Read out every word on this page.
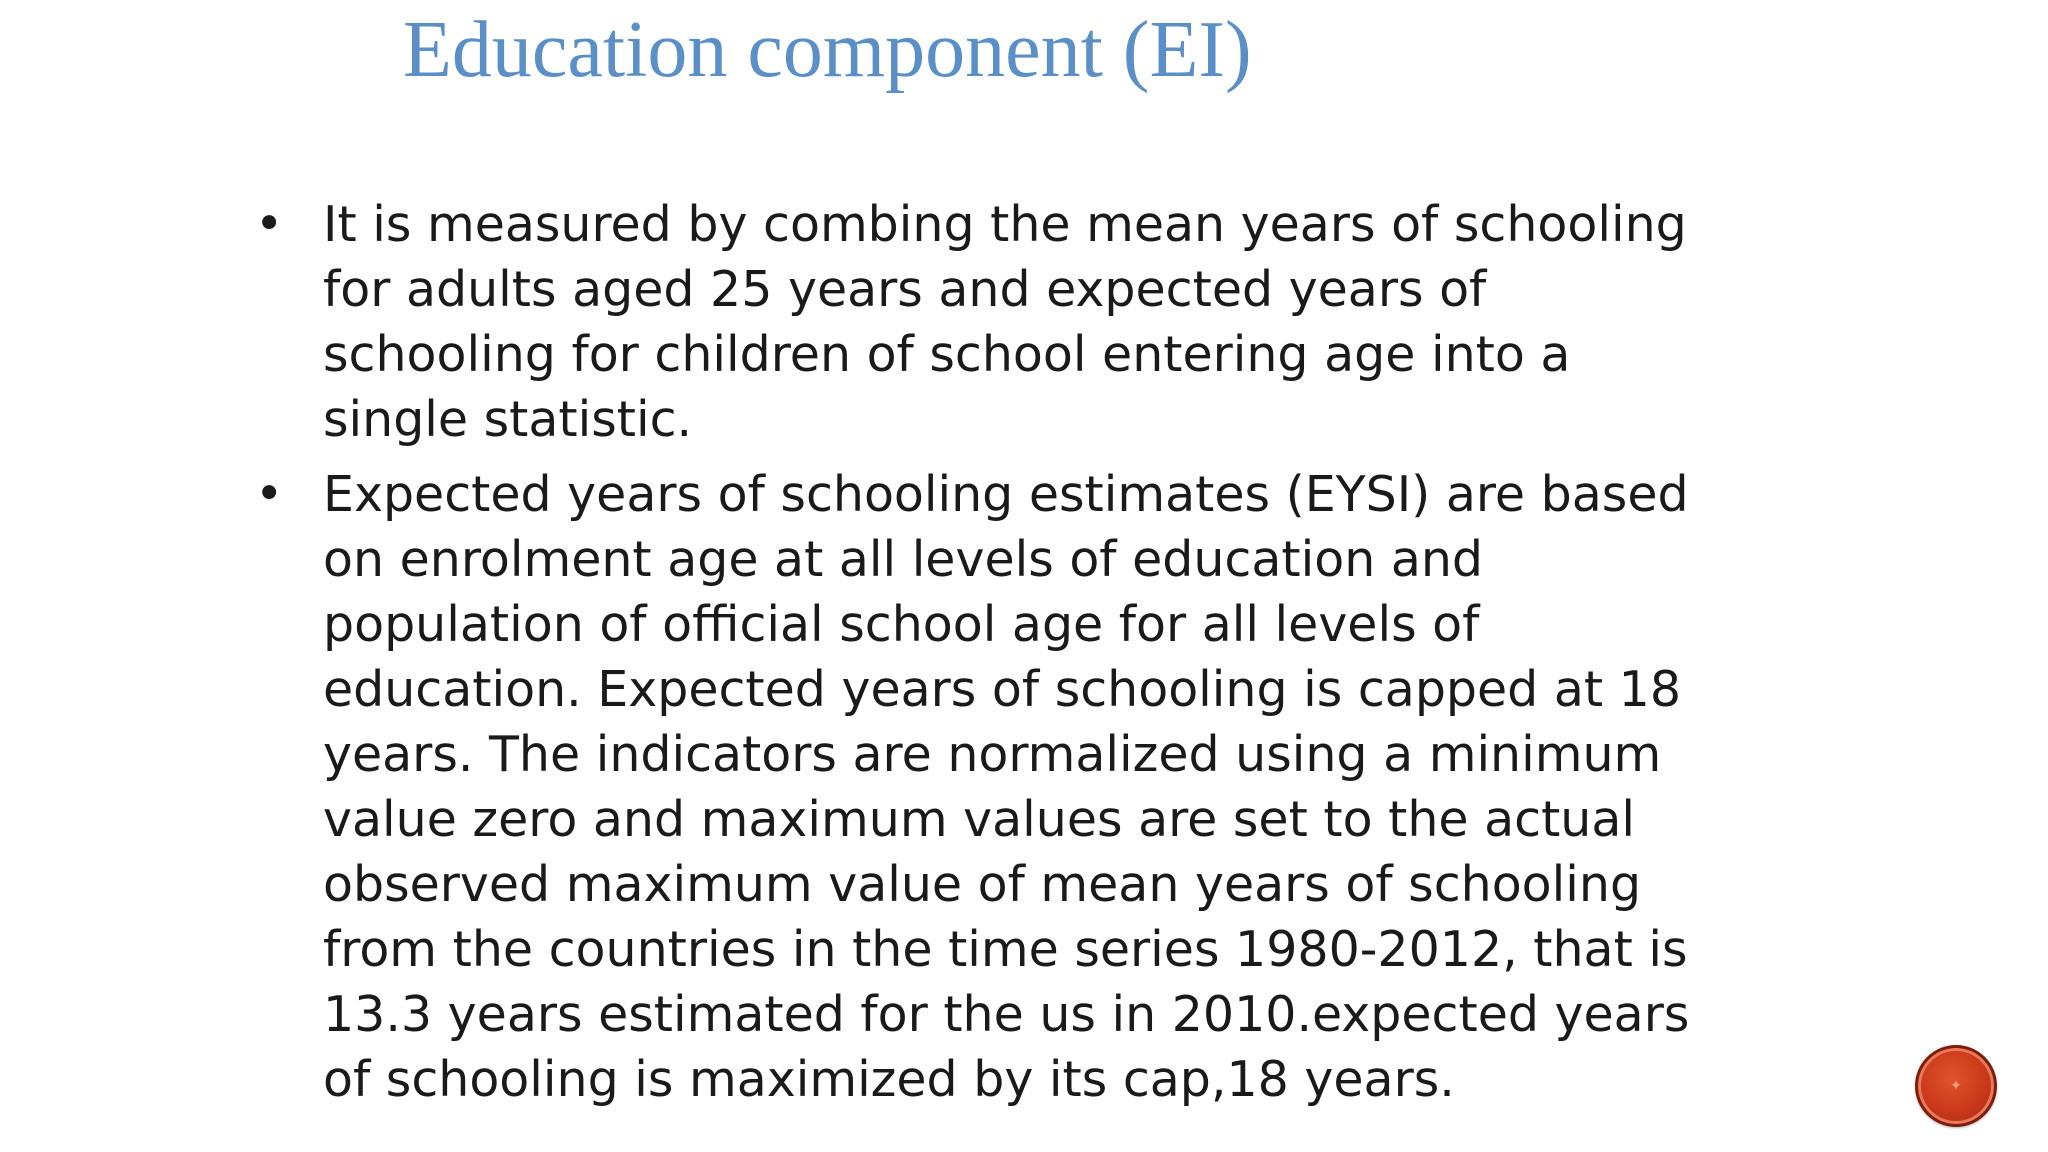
Education component (EI)
• It is measured by combing the mean years of schooling
for adults aged 25 years and expected years of
schooling for children of school entering age into a
single statistic.
• Expected years of schooling estimates (EYSI) are based
on enrolment age at all levels of education and
population of official school age for all levels of
education. Expected years of schooling is capped at 18
years. The indicators are normalized using a minimum
value zero and maximum values are set to the actual
observed maximum value of mean years of schooling
from the countries in the time series 1980-2012, that is
13.3 years estimated for the us in 2010.expected years
of schooling is maximized by its cap,18 years.	✦
